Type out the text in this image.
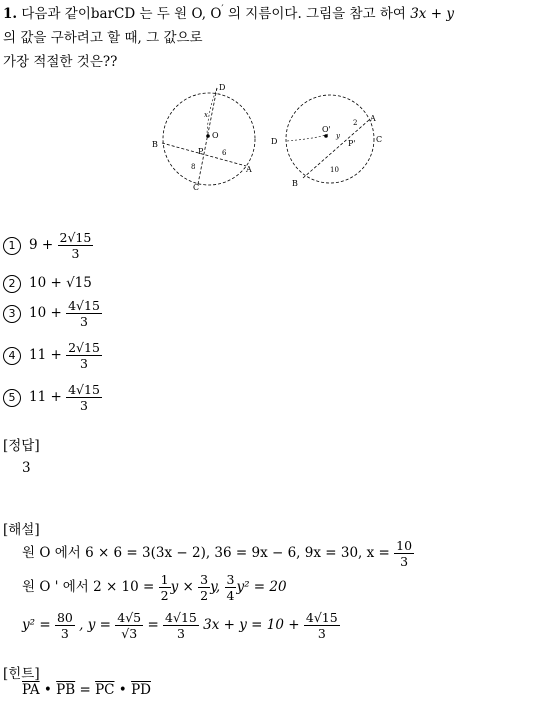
1. 다음과 같이barCD 는 두 원 O, O′ 의 지름이다. 그림을 참고 하여 3x + y
의 값을 구하려고 할 때, 그 값으로
가장 적절한 것은??
D
O
B
P	6
A
8
C
x
D
O'
A
C
P'
B
2
10
y
1 $9 + \frac{2√15}{3}$
2 10 + √15
3 $10 + \frac{4√15}{3}$
4 $11 + \frac{2√15}{3}$
5 $11 + \frac{4√15}{3}$
[정답]
3
[해설]
원 O 에서 6 × 6 = 3(3x − 2), 36 = 9x − 6, 9x = 30, $x = \frac{10}{3}$
원 O ' 에서 $2 \times 10 = \frac{1}{2}$ $y \times \frac{3}{2} y$, $\frac{3}{4} y^2 = 20$
$y^2 = \frac{80}{3}$ , $y = \frac{4√5}{√3} = \frac{4√15}{3} 3x + y = 10 + \frac{4√15}{3}$
[힌트]
$\overline{PA}$ • $\overline{PB} = \overline{PC}$ • $\overline{PD}$
